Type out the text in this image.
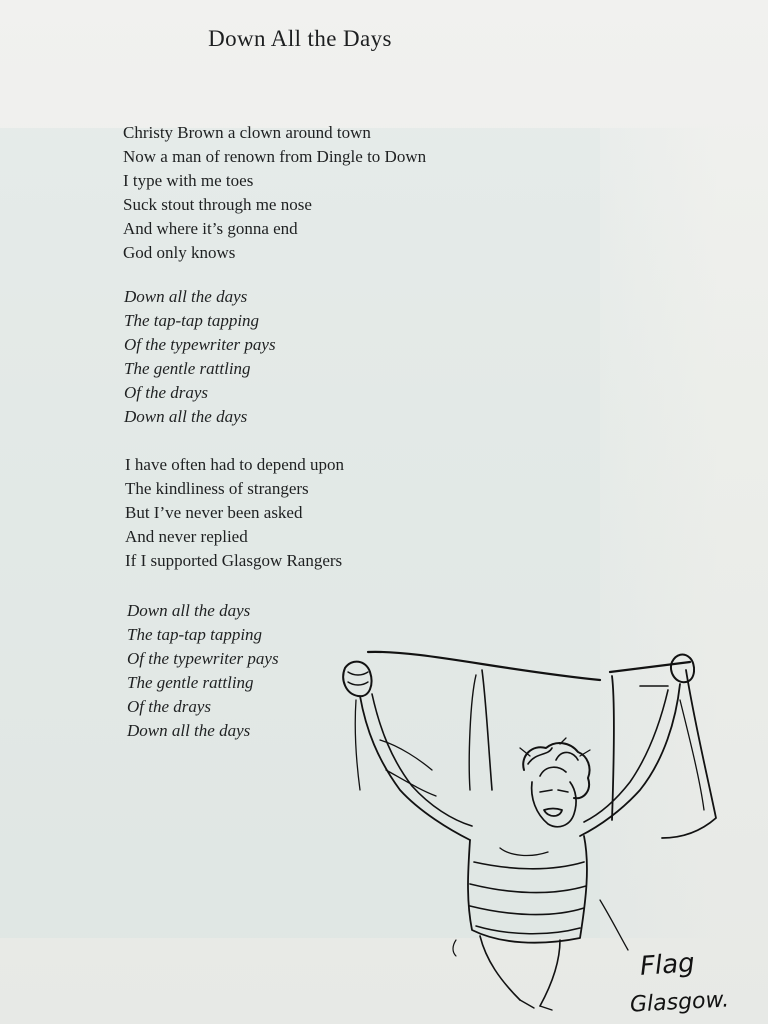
Down All the Days
Christy Brown a clown around town
Now a man of renown from Dingle to Down
I type with me toes
Suck stout through me nose
And where it’s gonna end
God only knows
Down all the days
The tap-tap tapping
Of the typewriter pays
The gentle rattling
Of the drays
Down all the days
I have often had to depend upon
The kindliness of strangers
But I’ve never been asked
And never replied
If I supported Glasgow Rangers
Down all the days
The tap-tap tapping
Of the typewriter pays
The gentle rattling
Of the drays
Down all the days
Flag
Glasgow.
